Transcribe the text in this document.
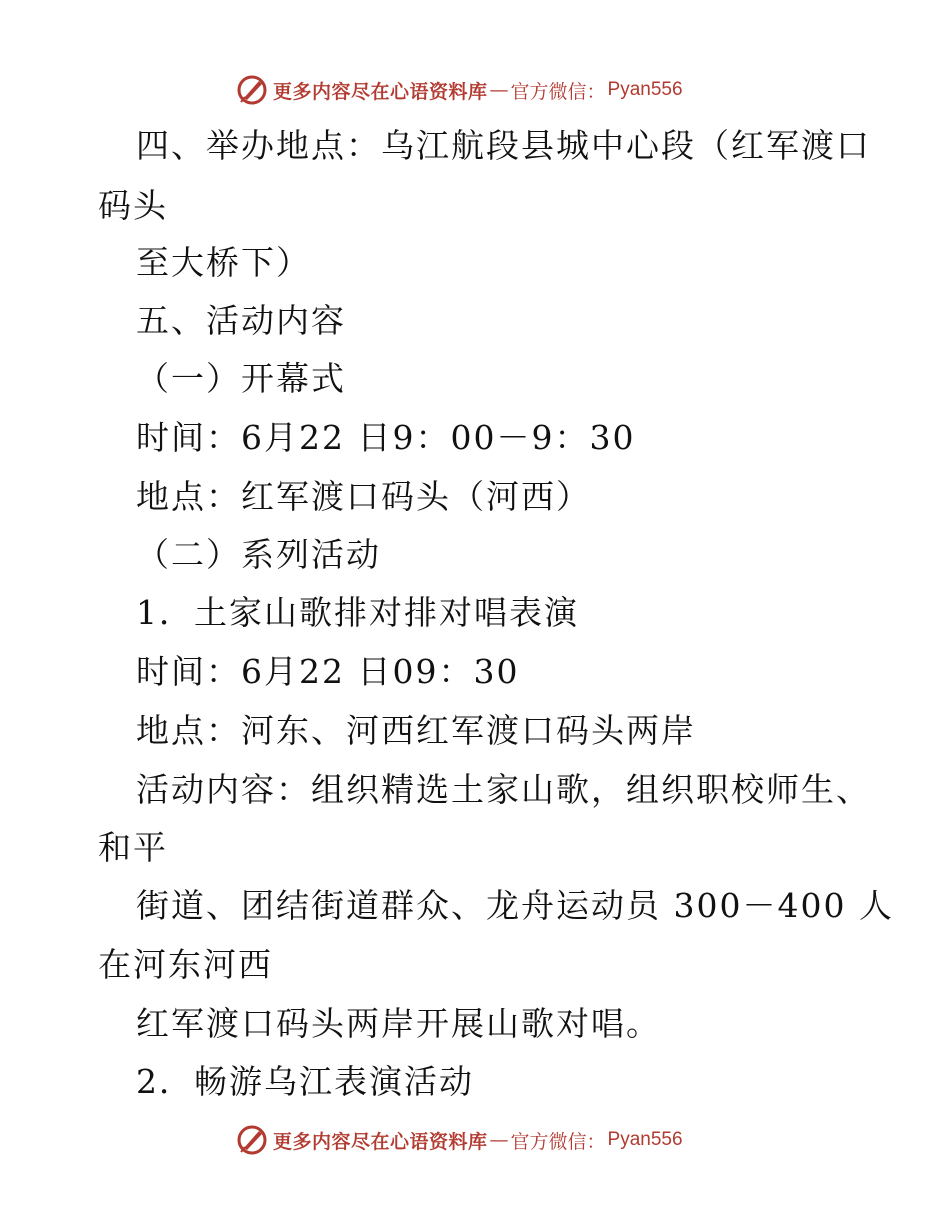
更多内容尽在心语资料库 — 官方微信： Pyan556
四、举办地点：乌江航段县城中心段（红军渡口
码头
至大桥下）
五、活动内容
（一）开幕式
时间：6月22 日9：00－9：30
地点：红军渡口码头（河西）
（二）系列活动
1．土家山歌排对排对唱表演
时间：6月22 日09：30
地点：河东、河西红军渡口码头两岸
活动内容：组织精选土家山歌，组织职校师生、
和平
街道、团结街道群众、龙舟运动员 300－400 人
在河东河西
红军渡口码头两岸开展山歌对唱。
2．畅游乌江表演活动
更多内容尽在心语资料库 — 官方微信： Pyan556
